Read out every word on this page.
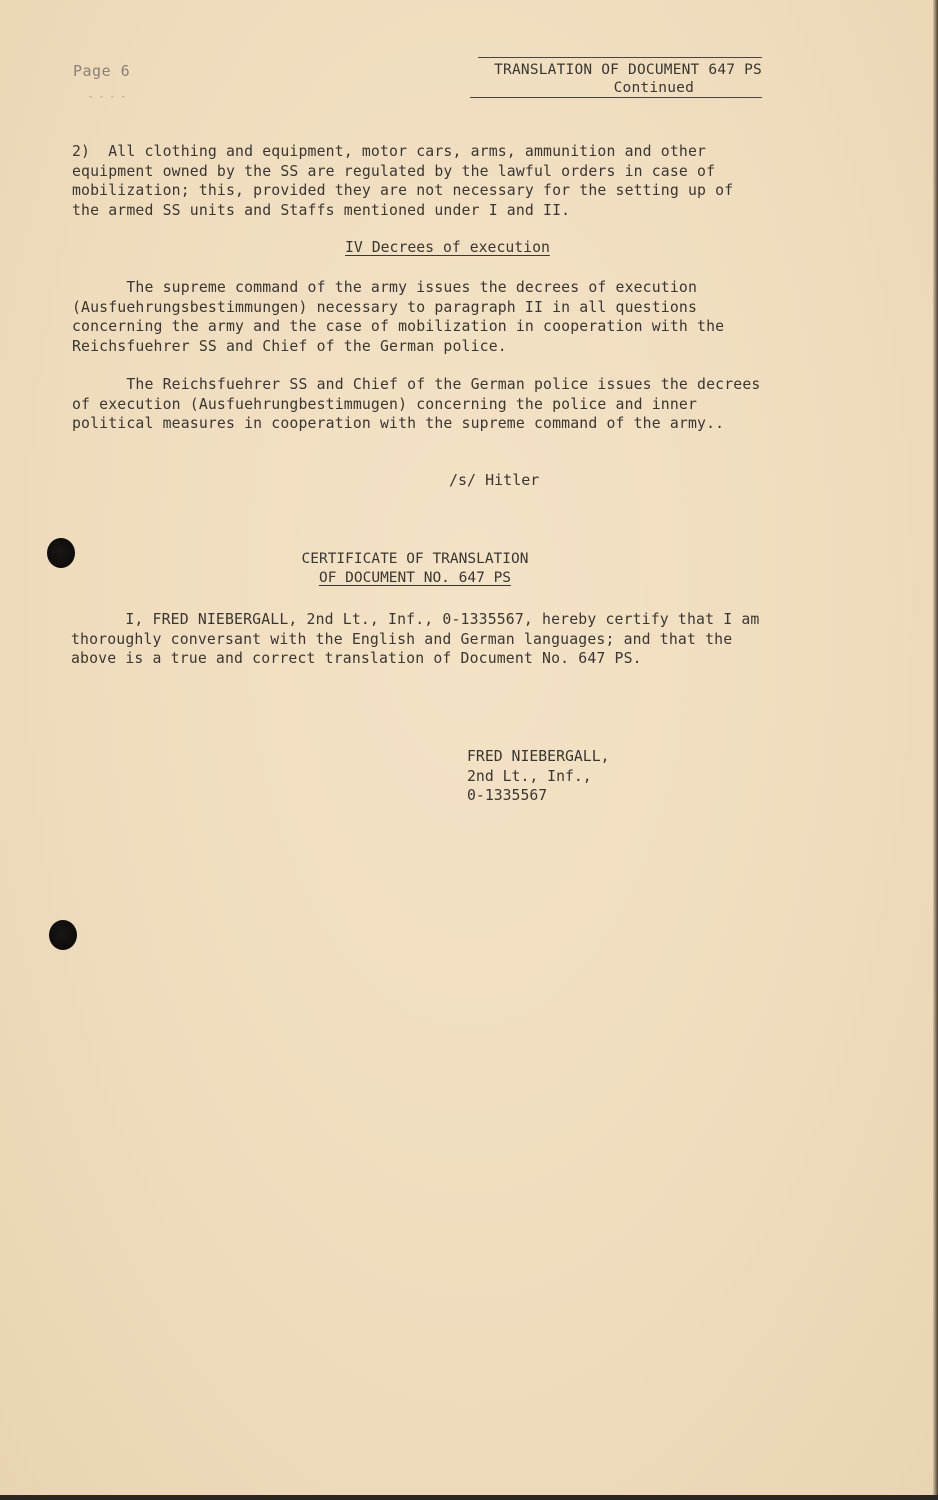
Page 6
- - - -
TRANSLATION OF DOCUMENT 647 PS
Continued
2)  All clothing and equipment, motor cars, arms, ammunition and other
equipment owned by the SS are regulated by the lawful orders in case of
mobilization; this, provided they are not necessary for the setting up of
the armed SS units and Staffs mentioned under I and II.
IV Decrees of execution
The supreme command of the army issues the decrees of execution
(Ausfuehrungsbestimmungen) necessary to paragraph II in all questions
concerning the army and the case of mobilization in cooperation with the
Reichsfuehrer SS and Chief of the German police.
The Reichsfuehrer SS and Chief of the German police issues the decrees
of execution (Ausfuehrungbestimmugen) concerning the police and inner
political measures in cooperation with the supreme command of the army..
/s/ Hitler
CERTIFICATE OF TRANSLATION
OF DOCUMENT NO. 647 PS
I, FRED NIEBERGALL, 2nd Lt., Inf., 0-1335567, hereby certify that I am
thoroughly conversant with the English and German languages; and that the
above is a true and correct translation of Document No. 647 PS.
FRED NIEBERGALL,
2nd Lt., Inf.,
0-1335567
